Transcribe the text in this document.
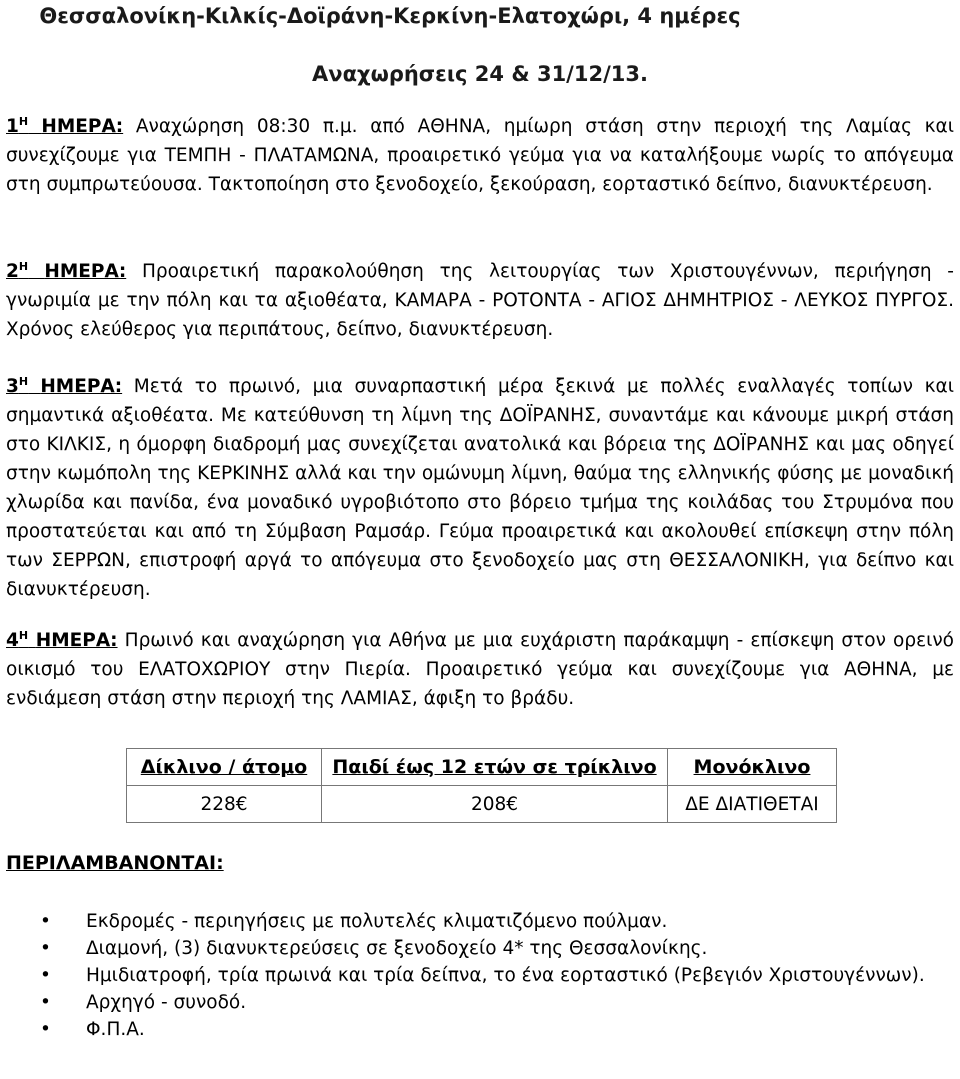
Θεσσαλονίκη-Κιλκίς-Δοϊράνη-Κερκίνη-Ελατοχώρι, 4 ημέρες
Αναχωρήσεις 24 & 31/12/13.
$1^H$ ΗΜΕΡΑ: Αναχώρηση 08:30 π.μ. από ΑΘΗΝΑ, ημίωρη στάση στην περιοχή της Λαμίας και συνεχίζουμε για ΤΕΜΠΗ - ΠΛΑΤΑΜΩΝΑ, προαιρετικό γεύμα για να καταλήξουμε νωρίς το απόγευμα στη συμπρωτεύουσα. Τακτοποίηση στο ξενοδοχείο, ξεκούραση, εορταστικό δείπνο, διανυκτέρευση.
$2^H$ ΗΜΕΡΑ: Προαιρετική παρακολούθηση της λειτουργίας των Χριστουγέννων, περιήγηση - γνωριμία με την πόλη και τα αξιοθέατα, ΚΑΜΑΡΑ - ΡΟΤΟΝΤΑ - ΑΓΙΟΣ ΔΗΜΗΤΡΙΟΣ - ΛΕΥΚΟΣ ΠΥΡΓΟΣ. Χρόνος ελεύθερος για περιπάτους, δείπνο, διανυκτέρευση.
$3^H$ ΗΜΕΡΑ: Μετά το πρωινό, μια συναρπαστική μέρα ξεκινά με πολλές εναλλαγές τοπίων και σημαντικά αξιοθέατα. Με κατεύθυνση τη λίμνη της ΔΟΪΡΑΝΗΣ, συναντάμε και κάνουμε μικρή στάση στο ΚΙΛΚΙΣ, η όμορφη διαδρομή μας συνεχίζεται ανατολικά και βόρεια της ΔΟΪΡΑΝΗΣ και μας οδηγεί στην κωμόπολη της ΚΕΡΚΙΝΗΣ αλλά και την ομώνυμη λίμνη, θαύμα της ελληνικής φύσης με μοναδική χλωρίδα και πανίδα, ένα μοναδικό υγροβιότοπο στο βόρειο τμήμα της κοιλάδας του Στρυμόνα που προστατεύεται και από τη Σύμβαση Ραμσάρ. Γεύμα προαιρετικά και ακολουθεί επίσκεψη στην πόλη των ΣΕΡΡΩΝ, επιστροφή αργά το απόγευμα στο ξενοδοχείο μας στη ΘΕΣΣΑΛΟΝΙΚΗ, για δείπνο και διανυκτέρευση.
$4^H$ ΗΜΕΡΑ: Πρωινό και αναχώρηση για Αθήνα με μια ευχάριστη παράκαμψη - επίσκεψη στον ορεινό οικισμό του ΕΛΑΤΟΧΩΡΙΟΥ στην Πιερία. Προαιρετικό γεύμα και συνεχίζουμε για ΑΘΗΝΑ, με ενδιάμεση στάση στην περιοχή της ΛΑΜΙΑΣ, άφιξη το βράδυ.
Δίκλινο / άτομο	Παιδί έως 12 ετών σε τρίκλινο	Μονόκλινο
228€	208€	ΔΕ ΔΙΑΤΙΘΕΤΑΙ
ΠΕΡΙΛΑΜΒΑΝΟΝΤΑΙ:
• Εκδρομές - περιηγήσεις με πολυτελές κλιματιζόμενο πούλμαν.
• Διαμονή, (3) διανυκτερεύσεις σε ξενοδοχείο 4* της Θεσσαλονίκης.
• Ημιδιατροφή, τρία πρωινά και τρία δείπνα, το ένα εορταστικό (Ρεβεγιόν Χριστουγέννων).
• Αρχηγό - συνοδό.
• Φ.Π.Α.
